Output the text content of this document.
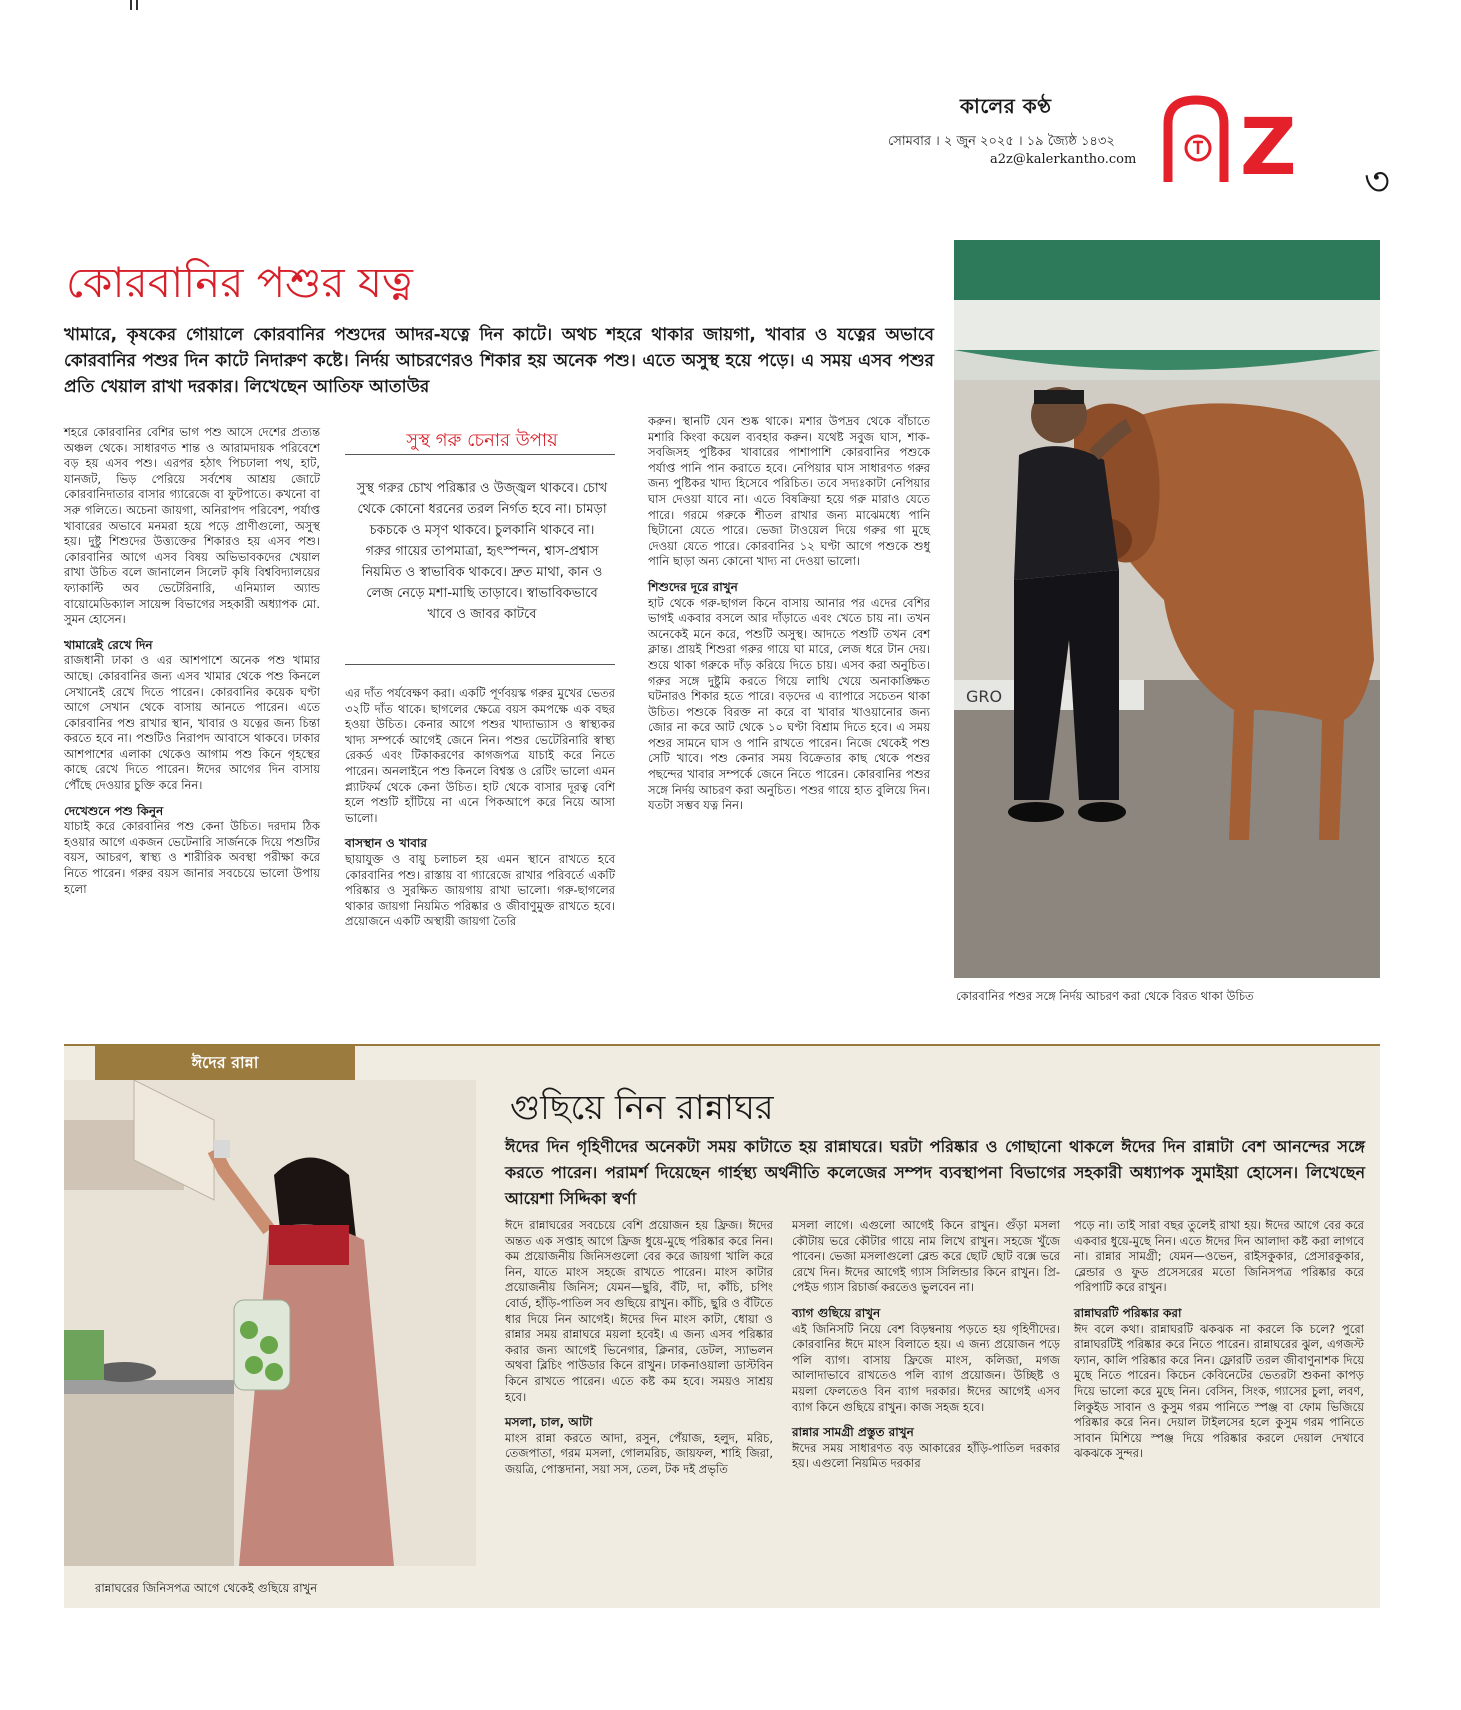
কালের কণ্ঠ
সোমবার । ২ জুন ২০২৫ । ১৯ জ্যৈষ্ঠ ১৪৩২
a2z@kalerkantho.com Z ৩
কোরবানির পশুর যত্ন
খামারে, কৃষকের গোয়ালে কোরবানির পশুদের আদর-যত্নে দিন কাটে। অথচ শহরে থাকার জায়গা, খাবার ও যত্নের অভাবে কোরবানির পশুর দিন কাটে নিদারুণ কষ্টে। নির্দয় আচরণেরও শিকার হয় অনেক পশু। এতে অসুস্থ হয়ে পড়ে। এ সময় এসব পশুর প্রতি খেয়াল রাখা দরকার। লিখেছেন আতিফ আতাউর

শহরে কোরবানির বেশির ভাগ পশু আসে দেশের প্রত্যন্ত অঞ্চল থেকে। সাধারণত শান্ত ও আরামদায়ক পরিবেশে বড় হয় এসব পশু। এরপর হঠাৎ পিচঢালা পথ, হাট, যানজট, ভিড় পেরিয়ে সর্বশেষ আশ্রয় জোটে কোরবানিদাতার বাসার গ্যারেজে বা ফুটপাতে। কখনো বা সরু গলিতে। অচেনা জায়গা, অনিরাপদ পরিবেশ, পর্যাপ্ত খাবারের অভাবে মনমরা হয়ে পড়ে প্রাণীগুলো, অসুস্থ হয়। দুষ্টু শিশুদের উত্ত্যক্তের শিকারও হয় এসব পশু। কোরবানির আগে এসব বিষয় অভিভাবকদের খেয়াল রাখা উচিত বলে জানালেন সিলেট কৃষি বিশ্ববিদ্যালয়ের ফ্যাকাল্টি অব ভেটেরিনারি, এনিম্যাল অ্যান্ড বায়োমেডিক্যাল সায়েন্স বিভাগের সহকারী অধ্যাপক মো. সুমন হোসেন।

খামারেই রেখে দিন

রাজধানী ঢাকা ও এর আশপাশে অনেক পশু খামার আছে। কোরবানির জন্য এসব খামার থেকে পশু কিনলে সেখানেই রেখে দিতে পারেন। কোরবানির কয়েক ঘণ্টা আগে সেখান থেকে বাসায় আনতে পারেন। এতে কোরবানির পশু রাখার স্থান, খাবার ও যত্নের জন্য চিন্তা করতে হবে না। পশুটিও নিরাপদ আবাসে থাকবে। ঢাকার আশপাশের এলাকা থেকেও আগাম পশু কিনে গৃহস্থের কাছে রেখে দিতে পারেন। ঈদের আগের দিন বাসায় পৌঁছে দেওয়ার চুক্তি করে নিন।

দেখেশুনে পশু কিনুন

যাচাই করে কোরবানির পশু কেনা উচিত। দরদাম ঠিক হওয়ার আগে একজন ভেটেনারি সার্জনকে দিয়ে পশুটির বয়স, আচরণ, স্বাস্থ্য ও শারীরিক অবস্থা পরীক্ষা করে নিতে পারেন। গরুর বয়স জানার সবচেয়ে ভালো উপায় হলো

সুস্থ গরু চেনার উপায়
সুস্থ গরুর চোখ পরিষ্কার ও উজ্জ্বল থাকবে। চোখ থেকে কোনো ধরনের তরল নির্গত হবে না। চামড়া চকচকে ও মসৃণ থাকবে। চুলকানি থাকবে না। গরুর গায়ের তাপমাত্রা, হৃৎস্পন্দন, শ্বাস-প্রশ্বাস নিয়মিত ও স্বাভাবিক থাকবে। দ্রুত মাথা, কান ও লেজ নেড়ে মশা-মাছি তাড়াবে। স্বাভাবিকভাবে খাবে ও জাবর কাটবে

এর দাঁত পর্যবেক্ষণ করা। একটি পূর্ণবয়স্ক গরুর মুখের ভেতর ৩২টি দাঁত থাকে। ছাগলের ক্ষেত্রে বয়স কমপক্ষে এক বছর হওয়া উচিত। কেনার আগে পশুর খাদ্যাভ্যাস ও স্বাস্থ্যকর খাদ্য সম্পর্কে আগেই জেনে নিন। পশুর ভেটেরিনারি স্বাস্থ্য রেকর্ড এবং টিকাকরণের কাগজপত্র যাচাই করে নিতে পারেন। অনলাইনে পশু কিনলে বিশ্বস্ত ও রেটিং ভালো এমন প্ল্যাটফর্ম থেকে কেনা উচিত। হাট থেকে বাসার দূরত্ব বেশি হলে পশুটি হাঁটিয়ে না এনে পিকআপে করে নিয়ে আসা ভালো।

বাসস্থান ও খাবার

ছায়াযুক্ত ও বায়ু চলাচল হয় এমন স্থানে রাখতে হবে কোরবানির পশু। রাস্তায় বা গ্যারেজে রাখার পরিবর্তে একটি পরিষ্কার ও সুরক্ষিত জায়গায় রাখা ভালো। গরু-ছাগলের থাকার জায়গা নিয়মিত পরিষ্কার ও জীবাণুমুক্ত রাখতে হবে। প্রয়োজনে একটি অস্থায়ী জায়গা তৈরি

করুন। স্থানটি যেন শুষ্ক থাকে। মশার উপদ্রব থেকে বাঁচাতে মশারি কিংবা কয়েল ব্যবহার করুন। যথেষ্ট সবুজ ঘাস, শাক-সবজিসহ পুষ্টিকর খাবারের পাশাপাশি কোরবানির পশুকে পর্যাপ্ত পানি পান করাতে হবে। নেপিয়ার ঘাস সাধারণত গরুর জন্য পুষ্টিকর খাদ্য হিসেবে পরিচিত। তবে সদ্যঃকাটা নেপিয়ার ঘাস দেওয়া যাবে না। এতে বিষক্রিয়া হয়ে গরু মারাও যেতে পারে। গরমে গরুকে শীতল রাখার জন্য মাঝেমধ্যে পানি ছিটানো যেতে পারে। ভেজা টাওয়েল দিয়ে গরুর গা মুছে দেওয়া যেতে পারে। কোরবানির ১২ ঘণ্টা আগে পশুকে শুধু পানি ছাড়া অন্য কোনো খাদ্য না দেওয়া ভালো।

শিশুদের দূরে রাখুন

হাট থেকে গরু-ছাগল কিনে বাসায় আনার পর এদের বেশির ভাগই একবার বসলে আর দাঁড়াতে এবং খেতে চায় না। তখন অনেকেই মনে করে, পশুটি অসুস্থ। আদতে পশুটি তখন বেশ ক্লান্ত। প্রায়ই শিশুরা গরুর গায়ে ঘা মারে, লেজ ধরে টান দেয়। শুয়ে থাকা গরুকে দাঁড় করিয়ে দিতে চায়। এসব করা অনুচিত। গরুর সঙ্গে দুষ্টুমি করতে গিয়ে লাথি খেয়ে অনাকাঙ্ক্ষিত ঘটনারও শিকার হতে পারে। বড়দের এ ব্যাপারে সচেতন থাকা উচিত। পশুকে বিরক্ত না করে বা খাবার খাওয়ানোর জন্য জোর না করে আট থেকে ১০ ঘণ্টা বিশ্রাম দিতে হবে। এ সময় পশুর সামনে ঘাস ও পানি রাখতে পারেন। নিজে থেকেই পশু সেটি খাবে। পশু কেনার সময় বিক্রেতার কাছ থেকে পশুর পছন্দের খাবার সম্পর্কে জেনে নিতে পারেন। কোরবানির পশুর সঙ্গে নির্দয় আচরণ করা অনুচিত। পশুর গায়ে হাত বুলিয়ে দিন। যতটা সম্ভব যত্ন নিন।

GRO
কোরবানির পশুর সঙ্গে নির্দয় আচরণ করা থেকে বিরত থাকা উচিত
ঈদের রান্না
রান্নাঘরের জিনিসপত্র আগে থেকেই গুছিয়ে রাখুন
গুছিয়ে নিন রান্নাঘর
ঈদের দিন গৃহিণীদের অনেকটা সময় কাটাতে হয় রান্নাঘরে। ঘরটা পরিষ্কার ও গোছানো থাকলে ঈদের দিন রান্নাটা বেশ আনন্দের সঙ্গে করতে পারেন। পরামর্শ দিয়েছেন গার্হস্থ্য অর্থনীতি কলেজের সম্পদ ব্যবস্থাপনা বিভাগের সহকারী অধ্যাপক সুমাইয়া হোসেন। লিখেছেন আয়েশা সিদ্দিকা স্বর্ণা

ঈদে রান্নাঘরের সবচেয়ে বেশি প্রয়োজন হয় ফ্রিজ। ঈদের অন্তত এক সপ্তাহ আগে ফ্রিজ ধুয়ে-মুছে পরিষ্কার করে নিন। কম প্রয়োজনীয় জিনিসগুলো বের করে জায়গা খালি করে নিন, যাতে মাংস সহজে রাখতে পারেন। মাংস কাটার প্রয়োজনীয় জিনিস; যেমন—ছুরি, বঁটি, দা, কাঁচি, চপিং বোর্ড, হাঁড়ি-পাতিল সব গুছিয়ে রাখুন। কাঁচি, ছুরি ও বঁটিতে ধার দিয়ে নিন আগেই। ঈদের দিন মাংস কাটা, ধোয়া ও রান্নার সময় রান্নাঘরে ময়লা হবেই। এ জন্য এসব পরিষ্কার করার জন্য আগেই ভিনেগার, ক্লিনার, ডেটল, স্যাভলন অথবা ব্লিচিং পাউডার কিনে রাখুন। ঢাকনাওয়ালা ডাস্টবিন কিনে রাখতে পারেন। এতে কষ্ট কম হবে। সময়ও সাশ্রয় হবে।

মসলা, চাল, আটা

মাংস রান্না করতে আদা, রসুন, পেঁয়াজ, হলুদ, মরিচ, তেজপাতা, গরম মসলা, গোলমরিচ, জায়ফল, শাহি জিরা, জয়ত্রি, পোস্তদানা, সয়া সস, তেল, টক দই প্রভৃতি

মসলা লাগে। এগুলো আগেই কিনে রাখুন। গুঁড়া মসলা কৌটায় ভরে কৌটার গায়ে নাম লিখে রাখুন। সহজে খুঁজে পাবেন। ভেজা মসলাগুলো ব্লেন্ড করে ছোট ছোট বক্সে ভরে রেখে দিন। ঈদের আগেই গ্যাস সিলিন্ডার কিনে রাখুন। প্রি-পেইড গ্যাস রিচার্জ করতেও ভুলবেন না।

ব্যাগ গুছিয়ে রাখুন

এই জিনিসটি নিয়ে বেশ বিড়ম্বনায় পড়তে হয় গৃহিণীদের। কোরবানির ঈদে মাংস বিলাতে হয়। এ জন্য প্রয়োজন পড়ে পলি ব্যাগ। বাসায় ফ্রিজে মাংস, কলিজা, মগজ আলাদাভাবে রাখতেও পলি ব্যাগ প্রয়োজন। উচ্ছিষ্ট ও ময়লা ফেলতেও বিন ব্যাগ দরকার। ঈদের আগেই এসব ব্যাগ কিনে গুছিয়ে রাখুন। কাজ সহজ হবে।

রান্নার সামগ্রী প্রস্তুত রাখুন

ঈদের সময় সাধারণত বড় আকারের হাঁড়ি-পাতিল দরকার হয়। এগুলো নিয়মিত দরকার

পড়ে না। তাই সারা বছর তুলেই রাখা হয়। ঈদের আগে বের করে একবার ধুয়ে-মুছে নিন। এতে ঈদের দিন আলাদা কষ্ট করা লাগবে না। রান্নার সামগ্রী; যেমন—ওভেন, রাইসকুকার, প্রেসারকুকার, ব্লেন্ডার ও ফুড প্রসেসরের মতো জিনিসপত্র পরিষ্কার করে পরিপাটি করে রাখুন।

রান্নাঘরটি পরিষ্কার করা

ঈদ বলে কথা। রান্নাঘরটি ঝকঝক না করলে কি চলে? পুরো রান্নাঘরটিই পরিষ্কার করে নিতে পারেন। রান্নাঘরের ঝুল, এগজস্ট ফ্যান, কালি পরিষ্কার করে নিন। ফ্লোরটি তরল জীবাণুনাশক দিয়ে মুছে নিতে পারেন। কিচেন কেবিনেটের ভেতরটা শুকনা কাপড় দিয়ে ভালো করে মুছে নিন। বেসিন, সিংক, গ্যাসের চুলা, লবণ, লিকুইড সাবান ও কুসুম গরম পানিতে স্পঞ্জ বা ফোম ভিজিয়ে পরিষ্কার করে নিন। দেয়াল টাইলসের হলে কুসুম গরম পানিতে সাবান মিশিয়ে স্পঞ্জ দিয়ে পরিষ্কার করলে দেয়াল দেখাবে ঝকঝকে সুন্দর।
